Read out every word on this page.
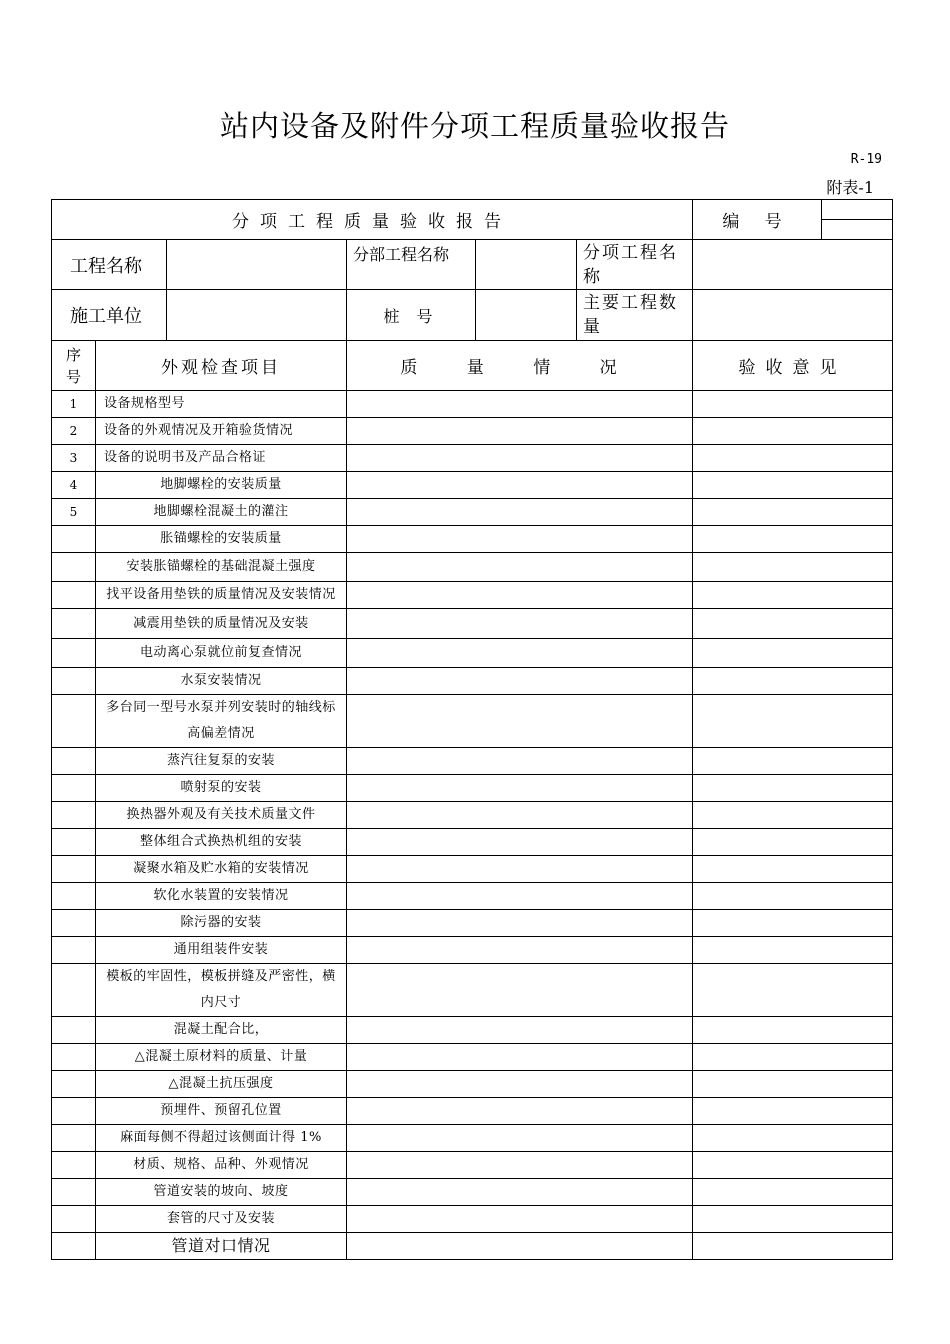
站内设备及附件分项工程质量验收报告
R-19
附表-1
分项工程质量验收报告						编 号	

工程名称			分部工程名称		分项工程名称		
施工单位			桩 号		主要工程数量		
序号	外观检查项目		质 量 情 况			验收意见	
1	设备规格型号						
2	设备的外观情况及开箱验货情况						
3	设备的说明书及产品合格证						
4	地脚螺栓的安装质量						
5	地脚螺栓混凝土的灌注						
	胀锚螺栓的安装质量						
	安装胀锚螺栓的基础混凝土强度						
	找平设备用垫铁的质量情况及安装情况						
	减震用垫铁的质量情况及安装						
	电动离心泵就位前复查情况						
	水泵安装情况						
	多台同一型号水泵并列安装时的轴线标高偏差情况						
	蒸汽往复泵的安装						
	喷射泵的安装						
	换热器外观及有关技术质量文件						
	整体组合式换热机组的安装						
	凝聚水箱及贮水箱的安装情况						
	软化水装置的安装情况						
	除污器的安装						
	通用组装件安装						
	模板的牢固性，模板拼缝及严密性，横内尺寸						
	混凝土配合比，						
	△混凝土原材料的质量、计量						
	△混凝土抗压强度						
	预埋件、预留孔位置						
	麻面每侧不得超过该侧面计得 1%						
	材质、规格、品种、外观情况						
	管道安装的坡向、坡度						
	套管的尺寸及安装						
	管道对口情况						
